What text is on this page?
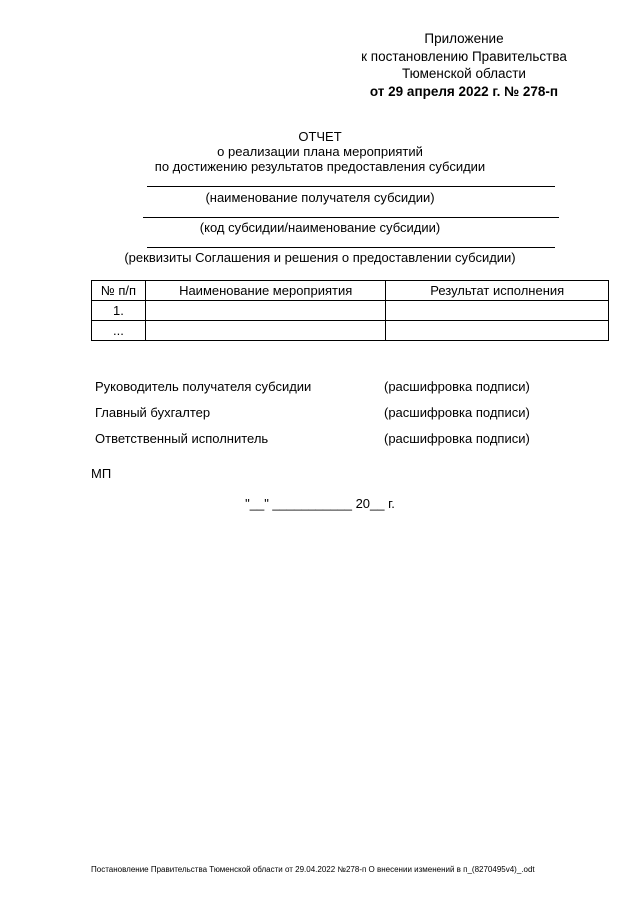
Приложение
к постановлению Правительства
Тюменской области
от 29 апреля 2022 г. № 278-п
ОТЧЕТ
о реализации плана мероприятий
по достижению результатов предоставления субсидии
(наименование получателя субсидии)
(код субсидии/наименование субсидии)
(реквизиты Соглашения и решения о предоставлении субсидии)
№ п/п	Наименование мероприятия	Результат исполнения
1.		
...		
Руководитель получателя субсидии	(расшифровка подписи)
Главный бухгалтер	(расшифровка подписи)
Ответственный исполнитель	(расшифровка подписи)
МП
"__" ___________ 20__ г.
Постановление Правительства Тюменской области от 29.04.2022 №278-п О внесении изменений в п_(8270495v4)_.odt
